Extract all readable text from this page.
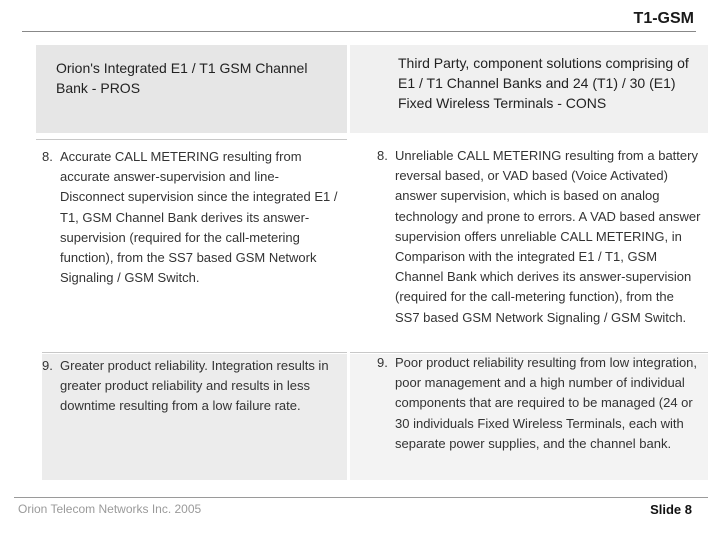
T1-GSM
Orion's Integrated E1 / T1 GSM Channel Bank - PROS
Third Party, component solutions comprising of E1 / T1 Channel Banks and 24 (T1) / 30 (E1) Fixed Wireless Terminals - CONS
8. Accurate CALL METERING resulting from accurate answer-supervision and line-Disconnect supervision since the integrated E1 / T1, GSM Channel Bank derives its answer-supervision (required for the call-metering function), from the SS7 based GSM Network Signaling / GSM Switch.
8. Unreliable CALL METERING resulting from a battery reversal based, or VAD based (Voice Activated) answer supervision, which is based on analog technology and prone to errors. A VAD based answer supervision offers unreliable CALL METERING, in Comparison with the integrated E1 / T1, GSM Channel Bank which derives its answer-supervision (required for the call-metering function), from the SS7 based GSM Network Signaling / GSM Switch.
9. Greater product reliability. Integration results in greater product reliability and results in less downtime resulting from a low failure rate.
9. Poor product reliability resulting from low integration, poor management and a high number of individual components that are required to be managed (24 or 30 individuals Fixed Wireless Terminals, each with separate power supplies, and the channel bank.
Orion Telecom Networks Inc. 2005	Slide 8
